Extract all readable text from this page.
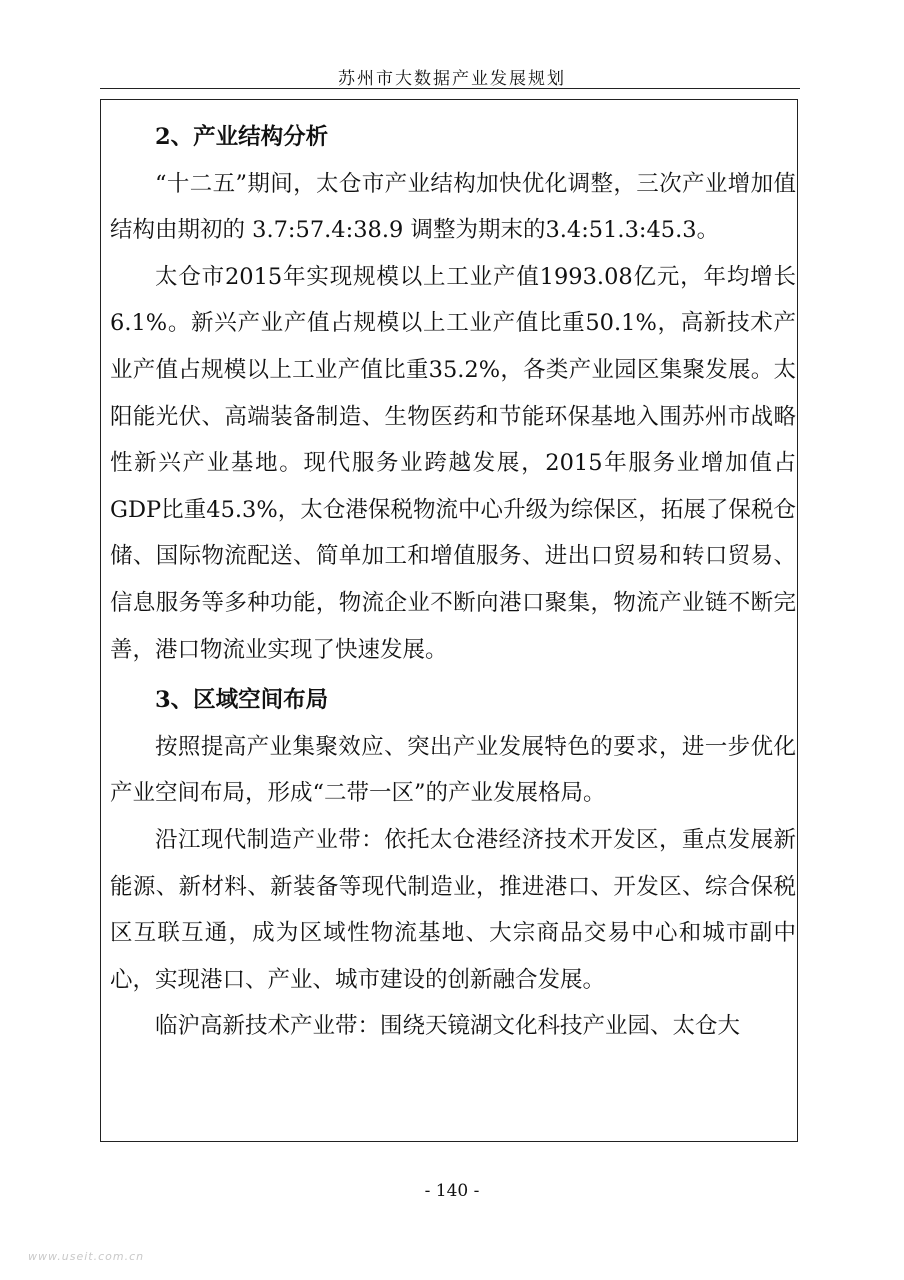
苏州市大数据产业发展规划

2、产业结构分析

“十二五”期间，太仓市产业结构加快优化调整，三次产业增加值结构由期初的 3.7:57.4:38.9 调整为期末的3.4:51.3:45.3。

太仓市2015年实现规模以上工业产值1993.08亿元，年均增长6.1%。新兴产业产值占规模以上工业产值比重50.1%，高新技术产业产值占规模以上工业产值比重35.2%，各类产业园区集聚发展。太阳能光伏、高端装备制造、生物医药和节能环保基地入围苏州市战略性新兴产业基地。现代服务业跨越发展，2015年服务业增加值占GDP比重45.3%，太仓港保税物流中心升级为综保区，拓展了保税仓储、国际物流配送、简单加工和增值服务、进出口贸易和转口贸易、信息服务等多种功能，物流企业不断向港口聚集，物流产业链不断完善，港口物流业实现了快速发展。

3、区域空间布局

按照提高产业集聚效应、突出产业发展特色的要求，进一步优化产业空间布局，形成“二带一区”的产业发展格局。

沿江现代制造产业带：依托太仓港经济技术开发区，重点发展新能源、新材料、新装备等现代制造业，推进港口、开发区、综合保税区互联互通，成为区域性物流基地、大宗商品交易中心和城市副中心，实现港口、产业、城市建设的创新融合发展。

临沪高新技术产业带：围绕天镜湖文化科技产业园、太仓大

- 140 -
www.useit.com.cn
